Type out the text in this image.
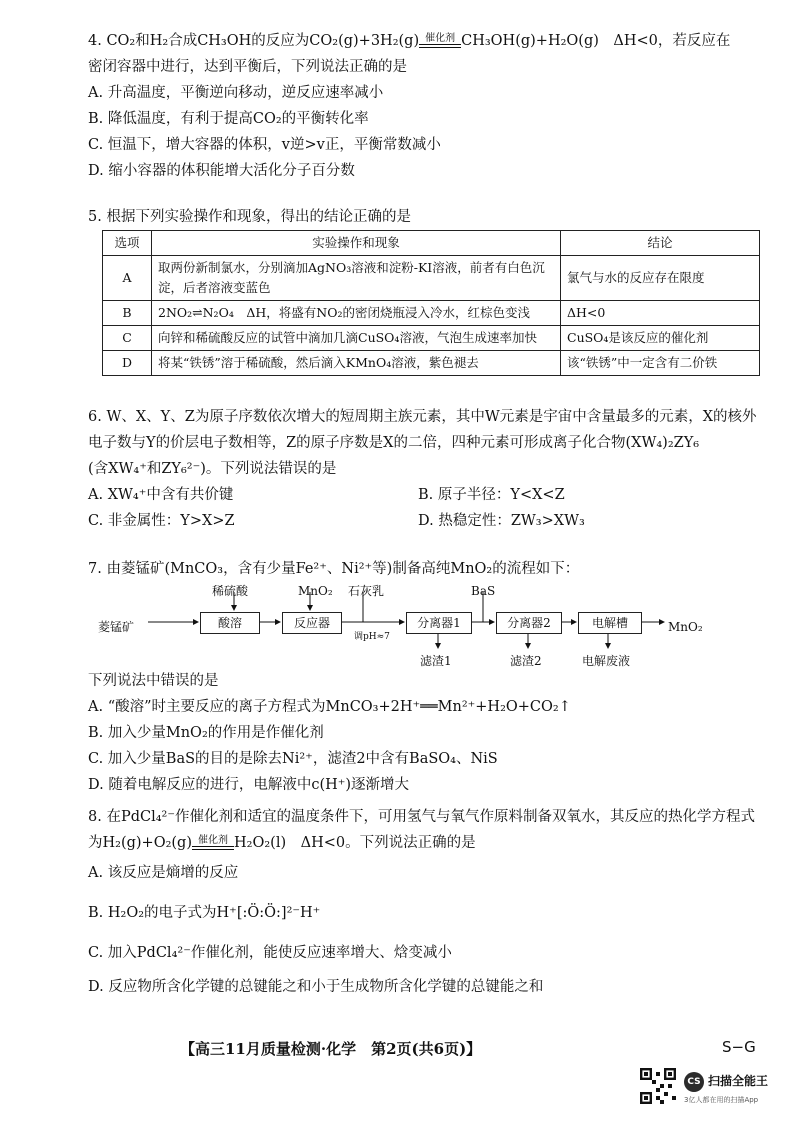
4. CO₂和H₂合成CH₃OH的反应为CO₂(g)+3H₂(g) 催化剂 CH₃OH(g)+H₂O(g)　ΔH<0，若反应在
密闭容器中进行，达到平衡后，下列说法正确的是
A. 升高温度，平衡逆向移动，逆反应速率减小
B. 降低温度，有利于提高CO₂的平衡转化率
C. 恒温下，增大容器的体积，v逆>v正，平衡常数减小
D. 缩小容器的体积能增大活化分子百分数
5. 根据下列实验操作和现象，得出的结论正确的是
选项	实验操作和现象	结论
A	取两份新制氯水，分别滴加AgNO₃溶液和淀粉-KI溶液，前者有白色沉淀，后者溶液变蓝色	氯气与水的反应存在限度
B	2NO₂⇌N₂O₄　ΔH，将盛有NO₂的密闭烧瓶浸入冷水，红棕色变浅	ΔH<0
C	向锌和稀硫酸反应的试管中滴加几滴CuSO₄溶液，气泡生成速率加快	CuSO₄是该反应的催化剂
D	将某“铁锈”溶于稀硫酸，然后滴入KMnO₄溶液，紫色褪去	该“铁锈”中一定含有二价铁
6. W、X、Y、Z为原子序数依次增大的短周期主族元素，其中W元素是宇宙中含量最多的元素，X的核外
电子数与Y的价层电子数相等，Z的原子序数是X的二倍，四种元素可形成离子化合物(XW₄)₂ZY₆
(含XW₄⁺和ZY₆²⁻)。下列说法错误的是
A. XW₄⁺中含有共价键	B. 原子半径：Y<X<Z
C. 非金属性：Y>X>Z	D. 热稳定性：ZW₃>XW₃
7. 由菱锰矿(MnCO₃，含有少量Fe²⁺、Ni²⁺等)制备高纯MnO₂的流程如下：
菱锰矿	酸溶	反应器	分离器1	分离器2	电解槽
稀硫酸	MnO₂ 石灰乳	BaS
调pH≈7
滤渣1	滤渣2	电解废液
MnO₂
下列说法中错误的是
A. “酸溶”时主要反应的离子方程式为MnCO₃+2H⁺══Mn²⁺+H₂O+CO₂↑
B. 加入少量MnO₂的作用是作催化剂
C. 加入少量BaS的目的是除去Ni²⁺，滤渣2中含有BaSO₄、NiS
D. 随着电解反应的进行，电解液中c(H⁺)逐渐增大
8. 在PdCl₄²⁻作催化剂和适宜的温度条件下，可用氢气与氧气作原料制备双氧水，其反应的热化学方程式
为H₂(g)+O₂(g) 催化剂 H₂O₂(l)　ΔH<0。下列说法正确的是
A. 该反应是熵增的反应
B. H₂O₂的电子式为H⁺[:Ö:Ö:]²⁻H⁺
C. 加入PdCl₄²⁻作催化剂，能使反应速率增大、焓变减小
D. 反应物所含化学键的总键能之和小于生成物所含化学键的总键能之和
【高三11月质量检测·化学　第2页(共6页)】	S−G
CS 扫描全能王
3亿人都在用的扫描App
